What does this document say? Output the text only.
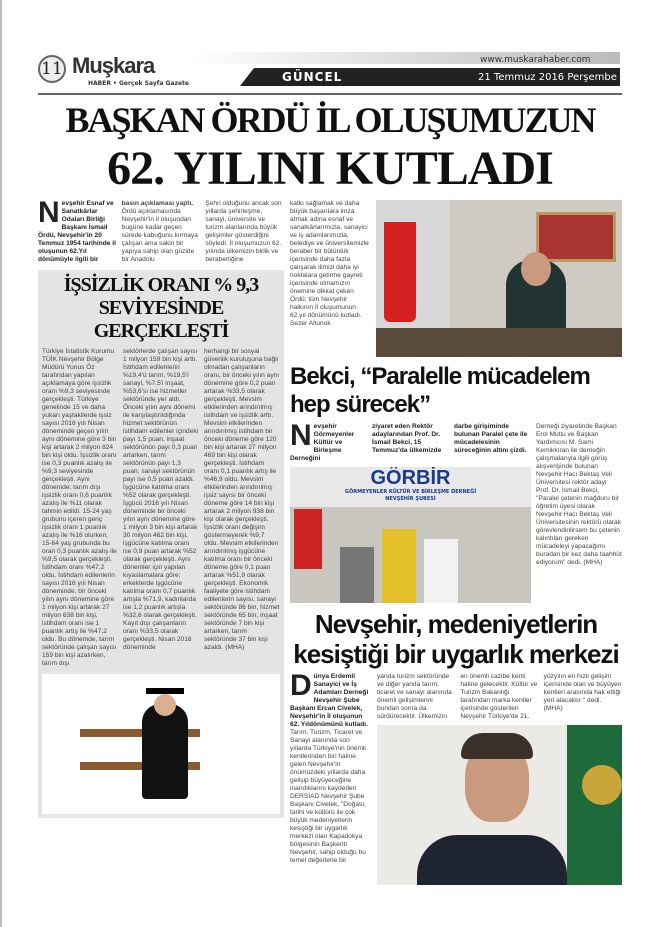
11 Muşkara
HABER • Gerçek Sayfa Gazete
www.muskarahaber.com
GÜNCEL	21 Temmuz 2016 Perşembe
BAŞKAN ÖRDÜ İL OLUŞUMUZUN
62. YILINI KUTLADI
Nevşehir Esnaf ve Sanatkârlar Odaları Birliği Başkanı İsmail Ördü, Nevşehir'in 20 Temmuz 1954 tarihinde il oluşunun 62.Yıl dönümüyle ilgili bir
basın açıklaması yaptı. Ördü açıklamasında Nevşehir'in il oluşundan bugüne kadar geçen sürede kabuğunu kırmaya çalışan ama sakin bir yapıya sahip olan güzide bir Anadolu
Şehri olduğunu ancak son yıllarda şehirleşme, sanayi, üniversite ve turizm alanlarında büyük gelişimler gösterdiğini söyledi. İl oluşumuzun 62. yılında ülkemizin birlik ve beraberliğine
İŞSİZLİK ORANI % 9,3
SEVİYESİNDE GERÇEKLEŞTİ
Türkiye İstatistik Kurumu TÜİK Nevşehir Bölge Müdürü Yunus Öz tarafından yapılan açıklamaya göre işsizlik oranı %9,3 seviyesinde gerçekleşti. Türkiye genelinde 15 ve daha yukarı yaştakilerde işsiz sayısı 2016 yılı Nisan döneminde geçen yılın aynı dönemine göre 3 bin kişi artarak 2 milyon 824 bin kişi oldu. İşsizlik oranı ise 0,3 puanlık azalış ile %9,3 seviyesinde gerçekleşti. Aynı dönemde; tarım dışı işsizlik oranı 0,6 puanlık azalış ile %11 olarak tahmin edildi. 15-24 yaş grubunu içeren genç işsizlik oranı 1 puanlık azalış ile %16 olurken, 15-64 yaş grubunda bu oran 0,3 puanlık azalış ile %9,5 olarak gerçekleşti. İstihdam oranı %47,2 oldu. İstihdam edilenlerin sayısı 2016 yılı Nisan döneminde, bir önceki yılın aynı dönemine göre 1 milyon kişi artarak 27 milyon 638 bin kişi, istihdam oranı ise 1 puanlık artış ile %47,2 oldu. Bu dönemde, tarım sektöründe çalışan sayısı 159 bin kişi azalırken, tarım dışı
sektörlerde çalışan sayısı 1 milyon 159 bin kişi arttı. İstihdam edilenlerin %19,4'ü tarım, %19,5'i sanayi, %7,5'i inşaat, %53,6'sı ise hizmetler sektöründe yer aldı. Önceki yılın aynı dönemi ile karşılaştırıldığında hizmet sektörünün istihdam edilenler içindeki payı 1,5 puan, inşaat sektörünün payı 0,3 puan artarken, tarım sektörünün payı 1,3 puan, sanayi sektörünün payı ise 0,5 puan azaldı. İşgücüne katılma oranı %52 olarak gerçekleşti. İşgücü 2016 yılı Nisan döneminde bir önceki yılın aynı dönemine göre 1 milyon 3 bin kişi artarak 30 milyon 462 bin kişi, işgücüne katılma oranı ise 0,9 puan artarak %52 olarak gerçekleşti. Aynı dönemler için yapılan kıyaslamalara göre; erkeklerde işgücüne katılma oranı 0,7 puanlık artışla %71,9, kadınlarda ise 1,2 puanlık artışla %32,6 olarak gerçekleşti. Kayıt dışı çalışanların oranı %33,5 olarak gerçekleşti. Nisan 2016 döneminde
herhangi bir sosyal güvenlik kuruluşuna bağlı olmadan çalışanların oranı, bir önceki yılın aynı dönemine göre 0,2 puan artarak %33,5 olarak gerçekleşti. Mevsim etkilerinden arındırılmış istihdam ve işsizlik arttı. Mevsim etkilerinden arındırılmış istihdam bir önceki döneme göre 120 bin kişi artarak 27 milyon 469 bin kişi olarak gerçekleşti. İstihdam oranı 0,1 puanlık artış ile %46,9 oldu. Mevsim etkilerinden arındırılmış işsiz sayısı bir önceki döneme göre 14 bin kişi artarak 2 milyon 938 bin kişi olarak gerçekleşti. İşsizlik oranı değişim göstermeyerek %9,7 oldu. Mevsim etkilerinden arındırılmış işgücüne katılma oranı bir önceki döneme göre 0,1 puan artarak %51,9 olarak gerçekleşti. Ekonomik faaliyete göre istihdam edilenlerin sayısı, sanayi sektöründe 86 bin, hizmet sektöründe 65 bin, inşaat sektöründe 7 bin kişi artarken, tarım sektöründe 37 bin kişi azaldı. (MHA)
katkı sağlamak ve daha büyük başarılara imza atmak adına esnaf ve sanatkârlarımızla, sanayici ve iş adamlarımızla, belediye ve üniversitemizle beraber bir bütünlük içerisinde daha fazla çalışarak ilimizi daha iyi noktalara getirme gayreti içerisinde olmamızın önemine dikkat çeken Ördü; tüm Nevşehir halkının İl oluşumunun 62.yıl dönümünü kutladı. Sezer Altunok
Bekci, “Paralelle mücadelem hep sürecek”
Nevşehir Görmeyenler Kültür ve Birleşme Derneğini
ziyaret eden Rektör adaylarından Prof. Dr. İsmail Bekci, 15 Temmuz'da ülkemizde
darbe girişiminde bulunan Paralel çete ile mücadelesinin süreceğinin altını çizdi.
Derneği ziyaretinde Başkan Erol Mutlu ve Başkan Yardımcısı M. Sami Kemikkıran ile derneğin çalışmalarıyla ilgili görüş alışverişinde bulunan Nevşehir Hacı Bektaş Veli Üniversitesi rektör adayı Prof. Dr. İsmail Bekci, "Paralel çetenin mağduru bir öğretim üyesi olarak Nevşehir Hacı Bektaş Veli Üniversitesinin rektörü olarak görevlendirilirsem bu çetenin kalıntıları gereken mücadeleyi yapacağımı buradan bir kez daha taahhüt ediyorum" dedi. (MHA)
GÖRBİR
GÖRMEYENLER KÜLTÜR VE BİRLEŞME DERNEĞİ
NEVŞEHİR ŞUBESİ
Nevşehir, medeniyetlerin
kesiştiği bir uygarlık merkezi
Dünya Erdemli Sanayici ve İş Adamları Derneği Nevşehir Şube Başkanı Ercan Civelek, Nevşehir'in İl oluşunun 62. Yıldönümünü kutladı. Tarım, Turizm, Ticaret ve Sanayi alanında son yıllarda Türkiye'nin önemli kentlerinden biri haline gelen Nevşehir'in önümüzdeki yıllarda daha gelişip büyüyeceğine inandıklarını kaydeden DERSİAD Nevşehir Şube Başkanı Civelek, "Doğası, tarihi ve kültürü ile çok büyük medeniyetlerin kesiştiği bir uygarlık merkezi olan Kapadokya bölgesinin Başkenti Nevşehir, sahip olduğu bu temel değerlerle bir
yanda turizm sektöründe ve diğer yanda tarım, ticaret ve sanayi alanında önemli gelişimlerini bundan sonra da sürdürecektir. Ülkemizin
en önemli cazibe kenti haline gelecektir. Kültür ve Turizm Bakanlığı tarafından marka kentler içerisinde gösterilen Nevşehir Türkiye'de 21.
yüzyılın en hızlı gelişim içerisinde olan ve büyüyen kentleri arasında hak ettiği yeri alacaktır " dedi. (MHA)
